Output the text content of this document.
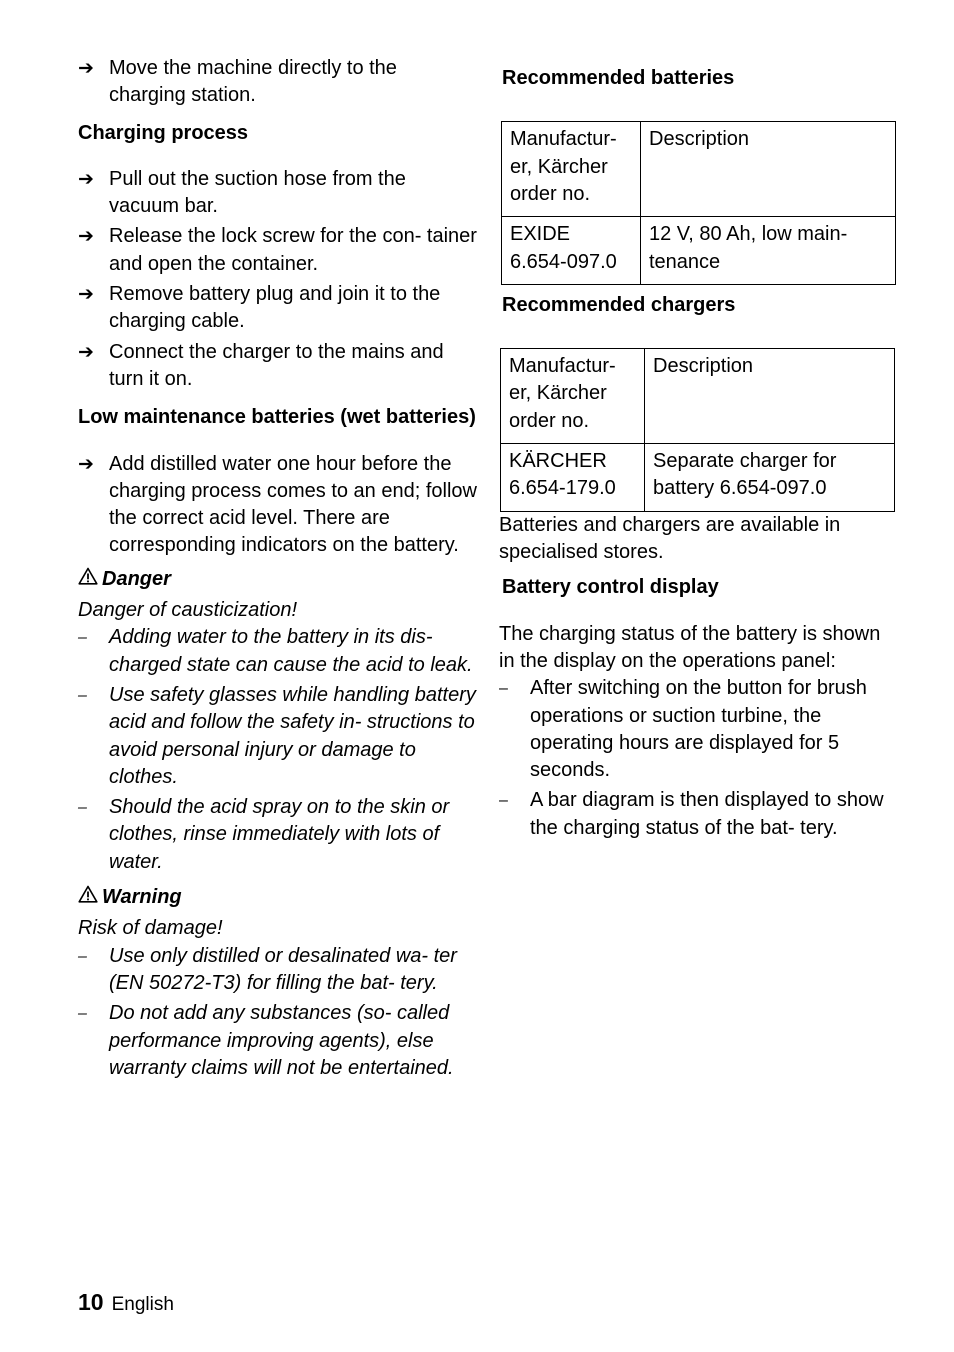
➔ Move the machine directly to the charging station.
Charging process
➔ Pull out the suction hose from the vacuum bar.
➔ Release the lock screw for the con- tainer and open the container.
➔ Remove battery plug and join it to the charging cable.
➔ Connect the charger to the mains and turn it on.
Low maintenance batteries (wet batteries)
➔ Add distilled water one hour before the charging process comes to an end; follow the correct acid level. There are corresponding indicators on the battery.
Danger
Danger of causticization!
–	Adding water to the battery in its dis- charged state can cause the acid to leak.
–	Use safety glasses while handling battery acid and follow the safety in- structions to avoid personal injury or damage to clothes.
–	Should the acid spray on to the skin or clothes, rinse immediately with lots of water.
Warning
Risk of damage!
–	Use only distilled or desalinated wa- ter (EN 50272-T3) for filling the bat- tery.
–	Do not add any substances (so- called performance improving agents), else warranty claims will not be entertained.
Recommended batteries
Manufactur- er, Kärcher order no.	Description
EXIDE 6.654-097.0	12 V, 80 Ah, low main- tenance
Recommended chargers
Manufactur- er, Kärcher order no.	Description
KÄRCHER 6.654-179.0	Separate charger for battery 6.654-097.0
Batteries and chargers are available in specialised stores.
Battery control display
The charging status of the battery is shown in the display on the operations panel:
–	After switching on the button for brush operations or suction turbine, the operating hours are displayed for 5 seconds.
–	A bar diagram is then displayed to show the charging status of the bat- tery.
10 English
